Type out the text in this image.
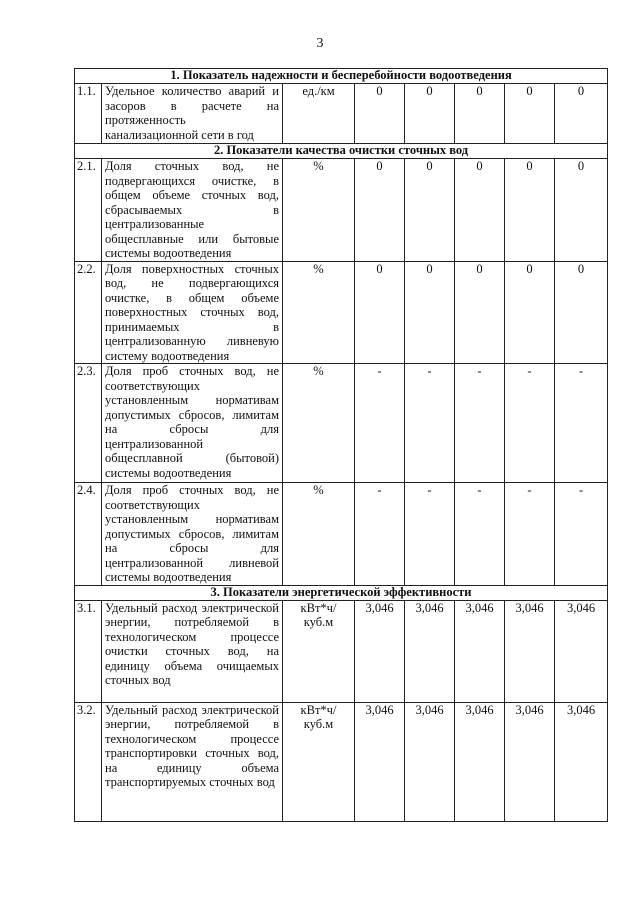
3
1. Показатель надежности и бесперебойности водоотведения							
1.1.	Удельное количество аварий и засоров в расчете на протяженность канализационной сети в год	ед./км	0	0	0	0	0
2. Показатели качества очистки сточных вод							
2.1.	Доля сточных вод, не подвергающихся очистке, в общем объеме сточных вод, сбрасываемых в централизованные общесплавные или бытовые системы водоотведения	%	0	0	0	0	0
2.2.	Доля поверхностных сточных вод, не подвергающихся очистке, в общем объеме поверхностных сточных вод, принимаемых в централизованную ливневую систему водоотведения	%	0	0	0	0	0
2.3.	Доля проб сточных вод, не соответствующих установленным нормативам допустимых сбросов, лимитам на сбросы для централизованной общесплавной (бытовой) системы водоотведения	%	-	-	-	-	-
2.4.	Доля проб сточных вод, не соответствующих установленным нормативам допустимых сбросов, лимитам на сбросы для централизованной ливневой системы водоотведения	%	-	-	-	-	-
3. Показатели энергетической эффективности							
3.1.	Удельный расход электрической энергии, потребляемой в технологическом процессе очистки сточных вод, на единицу объема очищаемых сточных вод	кВт*ч/ куб.м	3,046	3,046	3,046	3,046	3,046
3.2.	Удельный расход электрической энергии, потребляемой в технологическом процессе транспортировки сточных вод, на единицу объема транспортируемых сточных вод	кВт*ч/ куб.м	3,046	3,046	3,046	3,046	3,046
